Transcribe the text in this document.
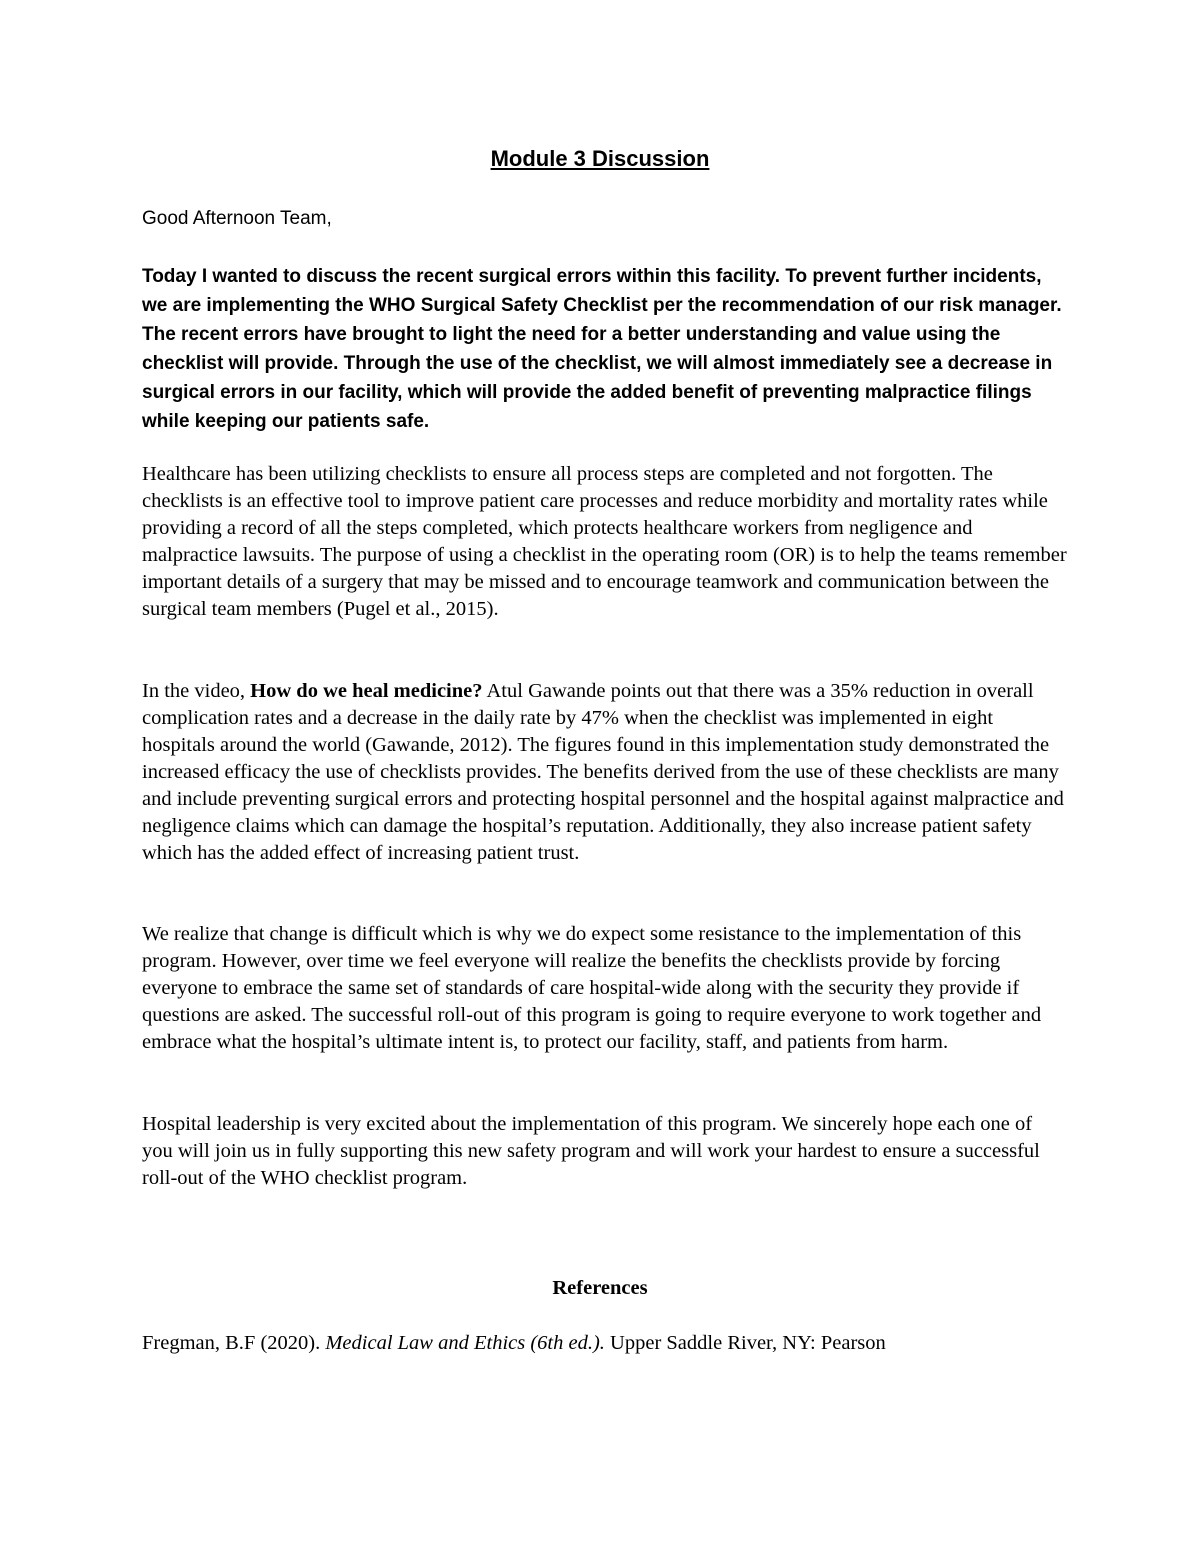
Module 3 Discussion

Good Afternoon Team,

Today I wanted to discuss the recent surgical errors within this facility. To prevent further incidents, we are implementing the WHO Surgical Safety Checklist per the recommendation of our risk manager. The recent errors have brought to light the need for a better understanding and value using the checklist will provide. Through the use of the checklist, we will almost immediately see a decrease in surgical errors in our facility, which will provide the added benefit of preventing malpractice filings while keeping our patients safe.

Healthcare has been utilizing checklists to ensure all process steps are completed and not forgotten. The checklists is an effective tool to improve patient care processes and reduce morbidity and mortality rates while providing a record of all the steps completed, which protects healthcare workers from negligence and malpractice lawsuits. The purpose of using a checklist in the operating room (OR) is to help the teams remember important details of a surgery that may be missed and to encourage teamwork and communication between the surgical team members (Pugel et al., 2015).

In the video, How do we heal medicine? Atul Gawande points out that there was a 35% reduction in overall complication rates and a decrease in the daily rate by 47% when the checklist was implemented in eight hospitals around the world (Gawande, 2012). The figures found in this implementation study demonstrated the increased efficacy the use of checklists provides. The benefits derived from the use of these checklists are many and include preventing surgical errors and protecting hospital personnel and the hospital against malpractice and negligence claims which can damage the hospital’s reputation. Additionally, they also increase patient safety which has the added effect of increasing patient trust.

We realize that change is difficult which is why we do expect some resistance to the implementation of this program. However, over time we feel everyone will realize the benefits the checklists provide by forcing everyone to embrace the same set of standards of care hospital-wide along with the security they provide if questions are asked. The successful roll-out of this program is going to require everyone to work together and embrace what the hospital’s ultimate intent is, to protect our facility, staff, and patients from harm.

Hospital leadership is very excited about the implementation of this program. We sincerely hope each one of you will join us in fully supporting this new safety program and will work your hardest to ensure a successful roll-out of the WHO checklist program.

References

Fregman, B.F (2020). Medical Law and Ethics (6th ed.). Upper Saddle River, NY: Pearson
